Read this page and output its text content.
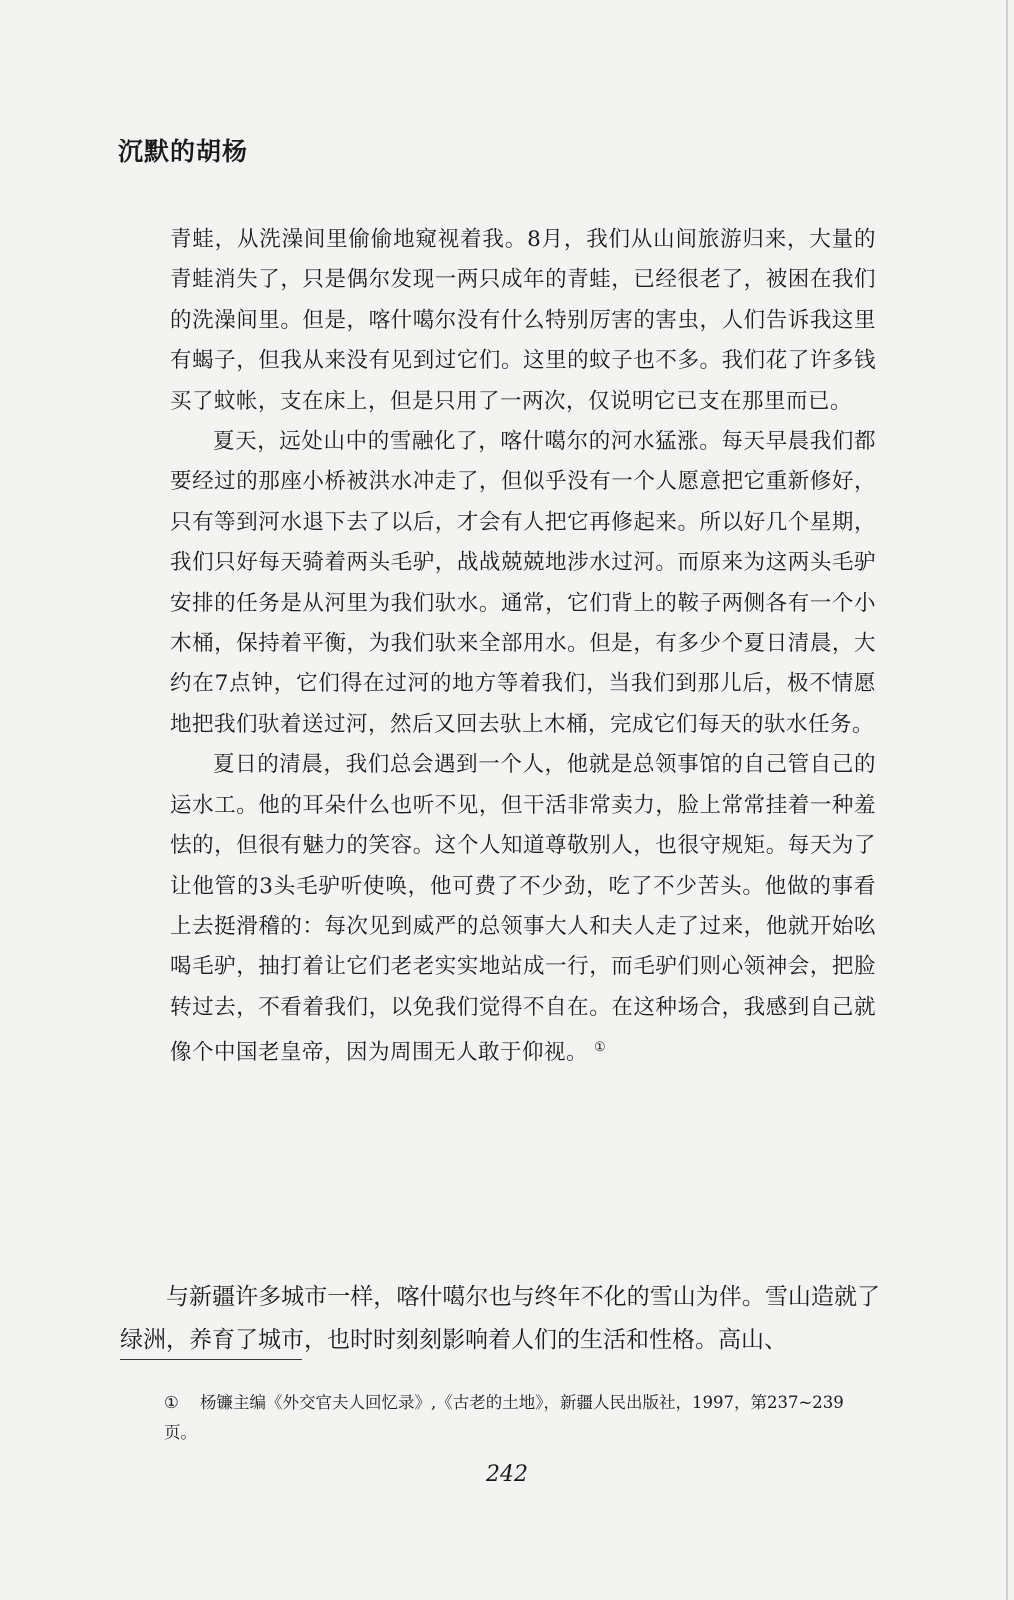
沉默的胡杨

青蛙，从洗澡间里偷偷地窥视着我。8月，我们从山间旅游归来，大量的青蛙消失了，只是偶尔发现一两只成年的青蛙，已经很老了，被困在我们的洗澡间里。但是，喀什噶尔没有什么特别厉害的害虫，人们告诉我这里有蝎子，但我从来没有见到过它们。这里的蚊子也不多。我们花了许多钱买了蚊帐，支在床上，但是只用了一两次，仅说明它已支在那里而已。

夏天，远处山中的雪融化了，喀什噶尔的河水猛涨。每天早晨我们都要经过的那座小桥被洪水冲走了，但似乎没有一个人愿意把它重新修好，只有等到河水退下去了以后，才会有人把它再修起来。所以好几个星期，我们只好每天骑着两头毛驴，战战兢兢地涉水过河。而原来为这两头毛驴安排的任务是从河里为我们驮水。通常，它们背上的鞍子两侧各有一个小木桶，保持着平衡，为我们驮来全部用水。但是，有多少个夏日清晨，大约在7点钟，它们得在过河的地方等着我们，当我们到那儿后，极不情愿地把我们驮着送过河，然后又回去驮上木桶，完成它们每天的驮水任务。

夏日的清晨，我们总会遇到一个人，他就是总领事馆的自己管自己的运水工。他的耳朵什么也听不见，但干活非常卖力，脸上常常挂着一种羞怯的，但很有魅力的笑容。这个人知道尊敬别人，也很守规矩。每天为了让他管的3头毛驴听使唤，他可费了不少劲，吃了不少苦头。他做的事看上去挺滑稽的：每次见到威严的总领事大人和夫人走了过来，他就开始吆喝毛驴，抽打着让它们老老实实地站成一行，而毛驴们则心领神会，把脸转过去，不看着我们，以免我们觉得不自在。在这种场合，我感到自己就像个中国老皇帝，因为周围无人敢于仰视。 ①

与新疆许多城市一样，喀什噶尔也与终年不化的雪山为伴。雪山造就了绿洲，养育了城市，也时时刻刻影响着人们的生活和性格。高山、

① 杨镰主编《外交官夫人回忆录》,《古老的土地》，新疆人民出版社，1997，第237~239页。
242
